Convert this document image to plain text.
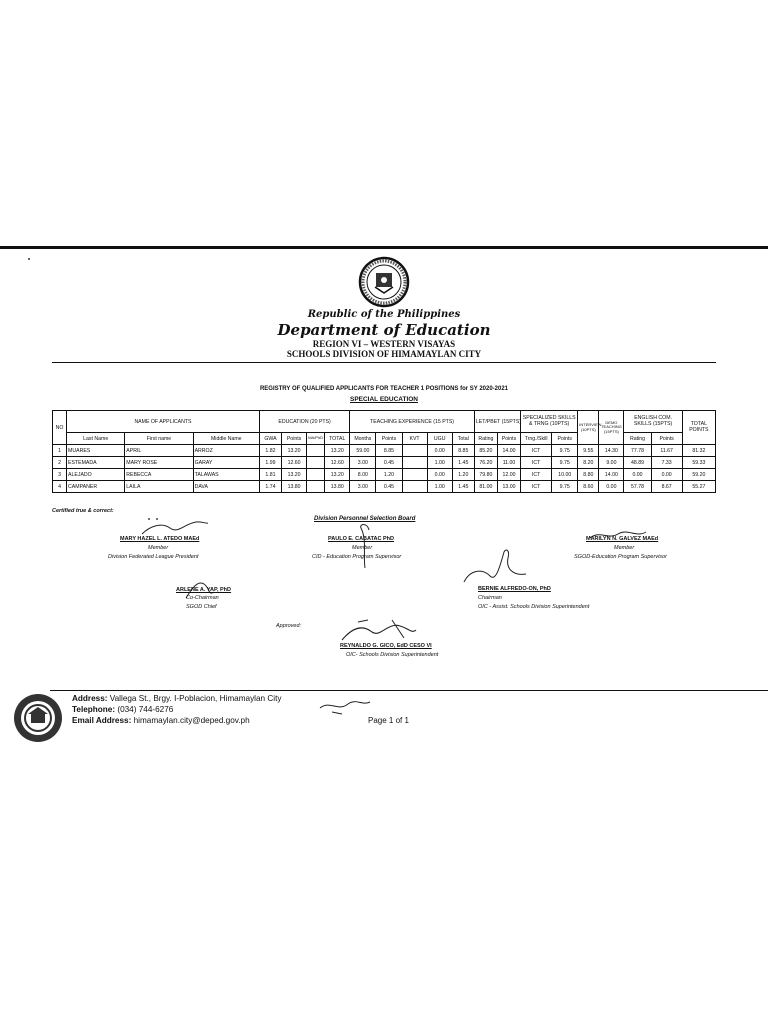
Republic of the Philippines
Department of Education
REGION VI – WESTERN VISAYAS
SCHOOLS DIVISION OF HIMAMAYLAN CITY
REGISTRY OF QUALIFIED APPLICANTS FOR TEACHER 1 POSITIONS for SY 2020-2021
SPECIAL EDUCATION
NO	NAME OF APPLICANTS			EDUCATION (20 PTS)				TEACHING EXPERIENCE (15 PTS)					LET/PBET (15PTS)		SPECIALIZED SKILLS & TRNG (10PTS)		INTERVIEW (10PTS)	DEMO TEACHING (15PTS)	ENGLISH COM. SKILLS (15PTS)		TOTAL POINTS
	Last Name	First name	Middle Name	GWA	Points	MA/PhD	TOTAL	Months	Points	KVT	UGU	Total	Rating	Points	Trng./Skill	Points			Rating	Points	
1	MUARES	APRIL	ARROZ	1.82	13.20		13.20	59.00	8.85		0.00	8.85	85.20	14.00	ICT	9.75	9.55	14.30	77.78	11.67	81.32
2	ESTEMADA	MARY ROSE	GARAY	1.99	12.60		12.60	3.00	0.45		1.00	1.45	76.20	11.00	ICT	9.75	8.20	9.00	48.89	7.33	59.33
3	ALEJADO	REBECCA	TALAWAS	1.81	13.20		13.20	8.00	1.20		0.00	1.20	79.80	12.00	ICT	10.00	8.80	14.00	0.00	0.00	59.20
4	CAMPANER	LAILA	DAVA	1.74	13.80		13.80	3.00	0.45		1.00	1.45	81.00	13.00	ICT	9.75	8.60	0.00	57.78	8.67	55.27
Certified true & correct:
Division Personnel Selection Board
MARY HAZEL L. ATEDO MAEd
Member
Division Federated League President
PAULO E. CABATAC PhD
Member
CID - Education Program Supervisor
MARILYN N. GALVEZ MAEd
Member
SGOD-Education Program Supervisor
ARLENE A. YAP, PhD
Co-Chairman
SGOD Chief
BERNIE ALFREDO-ON, PhD
Chairman
OIC - Assist. Schools Division Superintendent
Approved:
REYNALDO G. GICO, EdD CESO VI
OIC- Schools Division Superintendent
Address: Vallega St., Brgy. I-Poblacion, Himamaylan City
Telephone: (034) 744-6276
Email Address: himamaylan.city@deped.gov.ph	Page 1 of 1
